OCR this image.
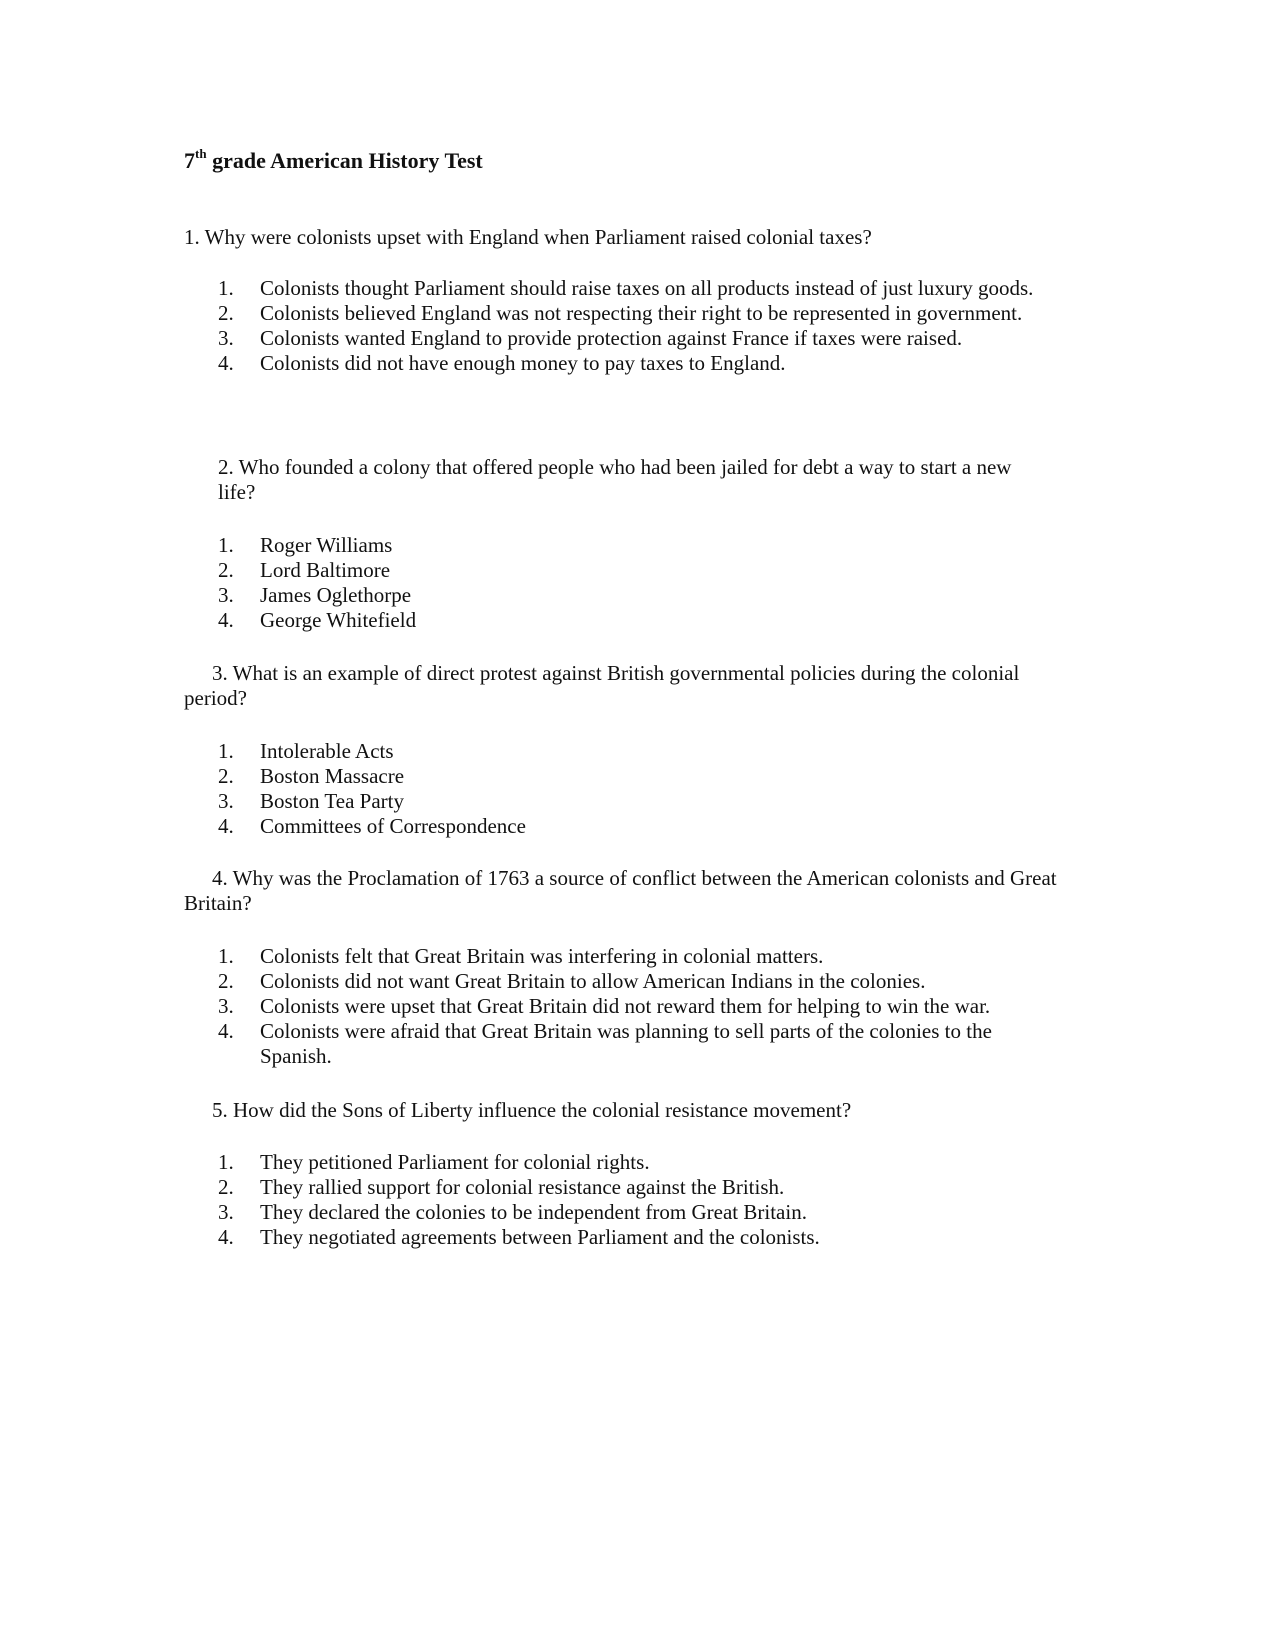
7th grade American History Test

1. Why were colonists upset with England when Parliament raised colonial taxes?

1. Colonists thought Parliament should raise taxes on all products instead of just luxury goods.
2. Colonists believed England was not respecting their right to be represented in government.
3. Colonists wanted England to provide protection against France if taxes were raised.
4. Colonists did not have enough money to pay taxes to England.

2. Who founded a colony that offered people who had been jailed for debt a way to start a new life?

1. Roger Williams
2. Lord Baltimore
3. James Oglethorpe
4. George Whitefield

3. What is an example of direct protest against British governmental policies during the colonial period?

1. Intolerable Acts
2. Boston Massacre
3. Boston Tea Party
4. Committees of Correspondence

4. Why was the Proclamation of 1763 a source of conflict between the American colonists and Great Britain?

1. Colonists felt that Great Britain was interfering in colonial matters.
2. Colonists did not want Great Britain to allow American Indians in the colonies.
3. Colonists were upset that Great Britain did not reward them for helping to win the war.
4. Colonists were afraid that Great Britain was planning to sell parts of the colonies to the Spanish.

5. How did the Sons of Liberty influence the colonial resistance movement?

1. They petitioned Parliament for colonial rights.
2. They rallied support for colonial resistance against the British.
3. They declared the colonies to be independent from Great Britain.
4. They negotiated agreements between Parliament and the colonists.
